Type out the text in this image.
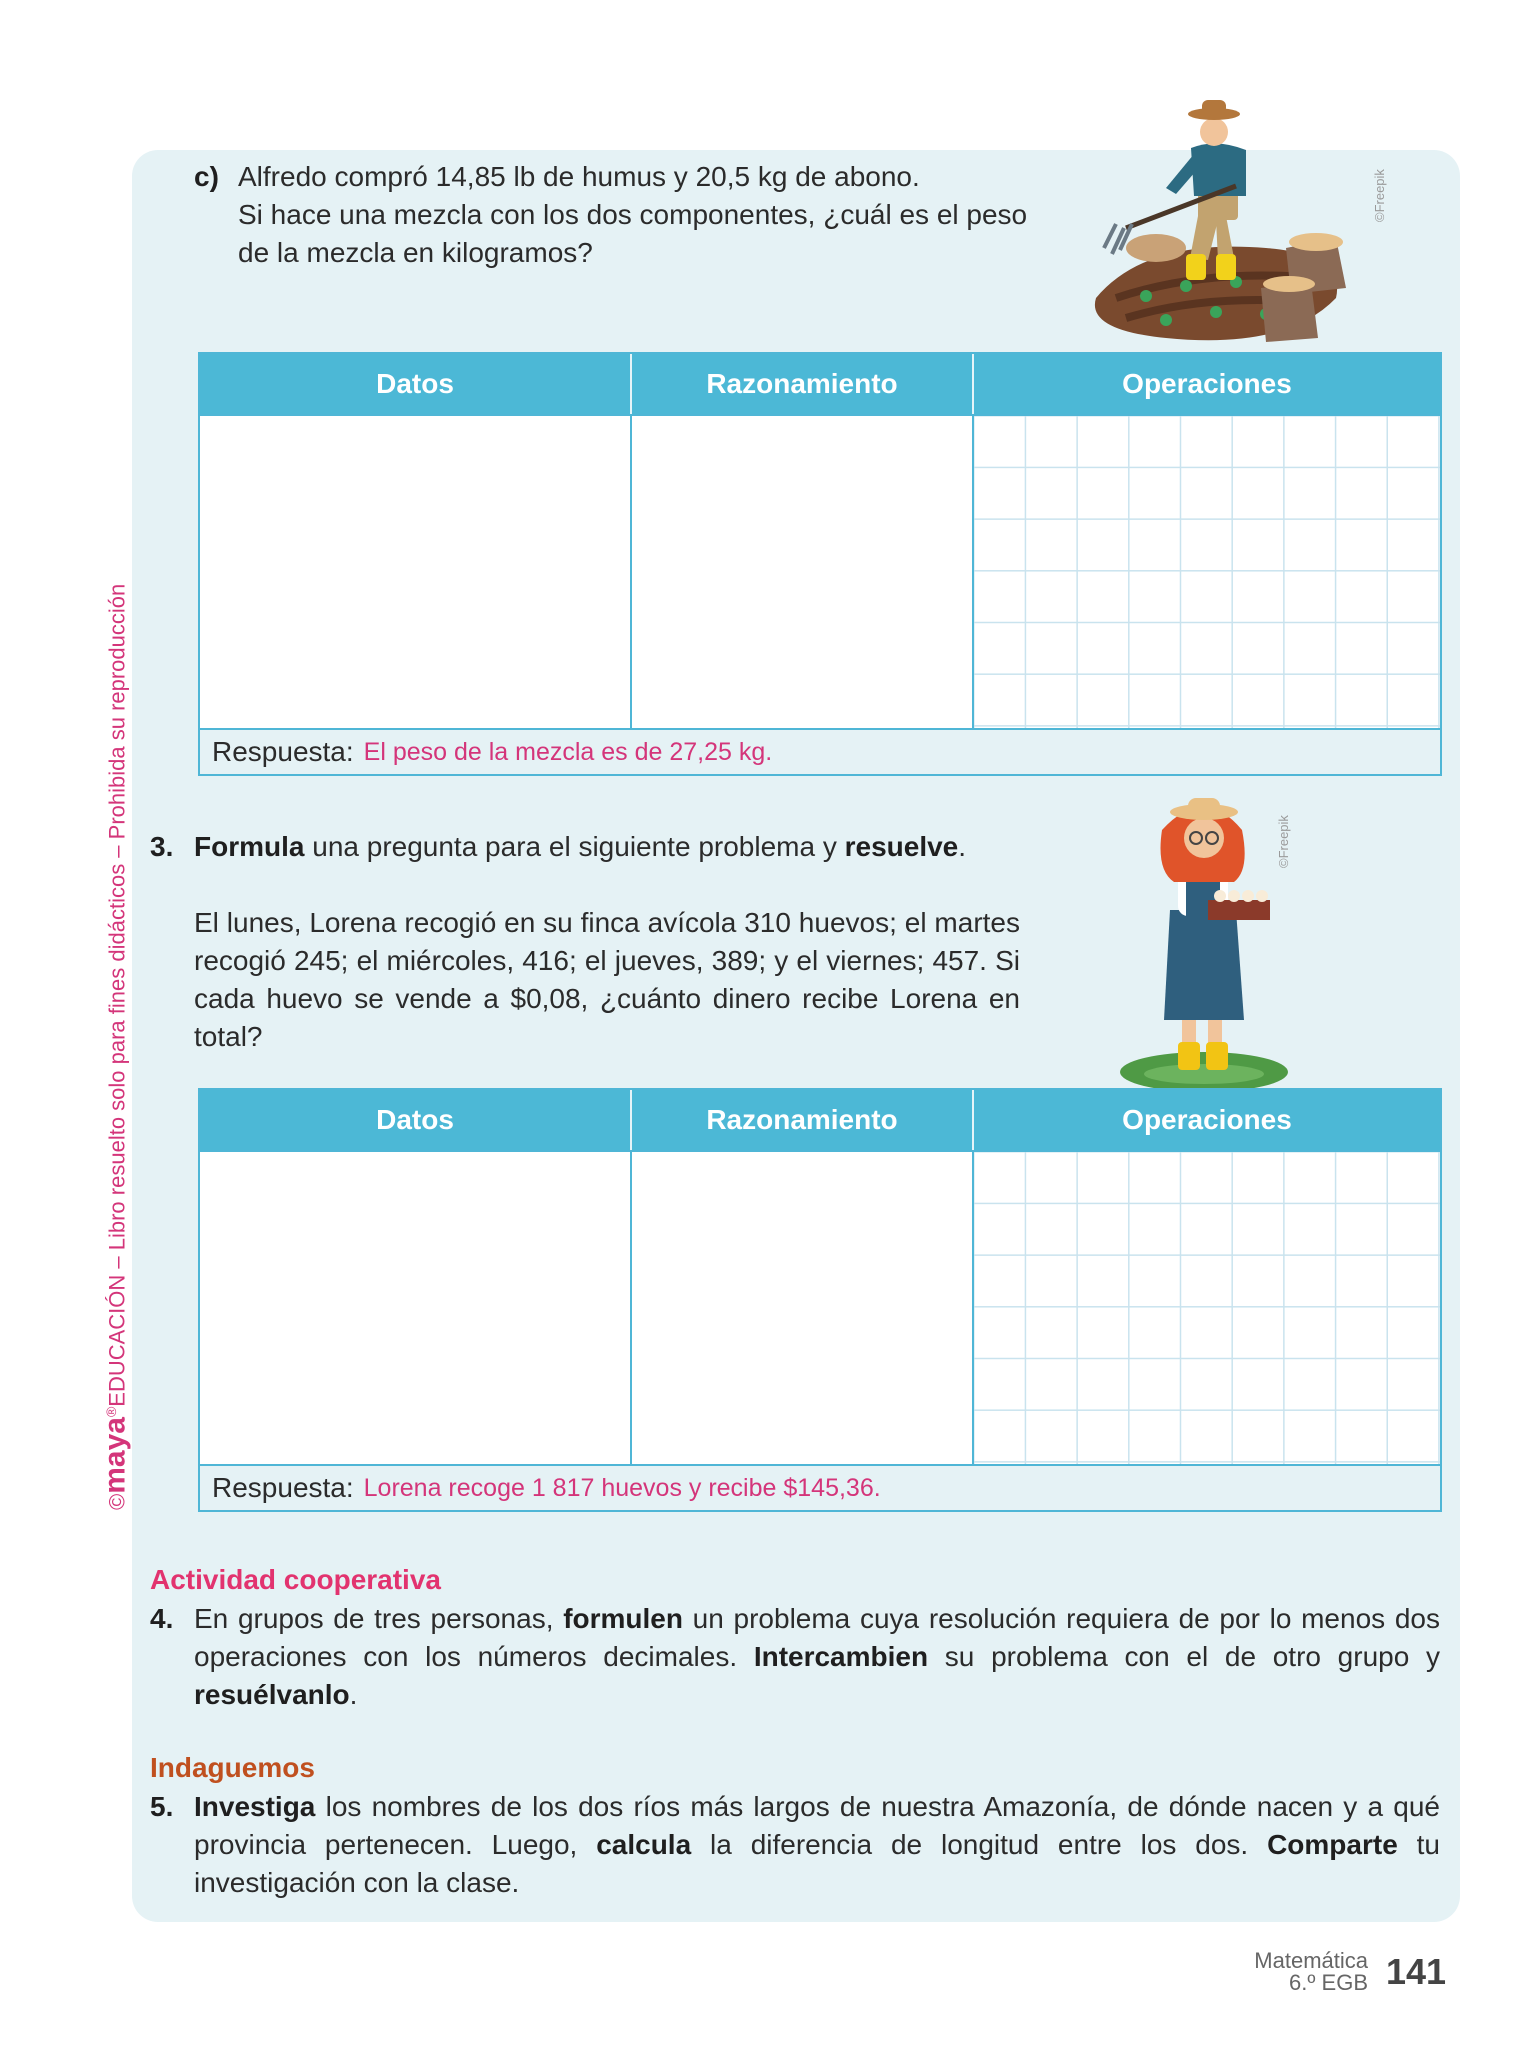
©maya®EDUCACIÓN – Libro resuelto solo para fines didácticos – Prohibida su reproducción
c) Alfredo compró 14,85 lb de humus y 20,5 kg de abono.
Si hace una mezcla con los dos componentes, ¿cuál es el peso
de la mezcla en kilogramos?
©Freepik
Datos	Razonamiento	Operaciones
Respuesta: El peso de la mezcla es de 27,25 kg.
3. Formula una pregunta para el siguiente problema y resuelve.
El lunes, Lorena recogió en su finca avícola 310 huevos; el martes recogió 245; el miércoles, 416; el jueves, 389; y el viernes; 457. Si cada huevo se vende a $0,08, ¿cuánto dinero recibe Lorena en total?
©Freepik
Datos	Razonamiento	Operaciones
Respuesta: Lorena recoge 1 817 huevos y recibe $145,36.
Actividad cooperativa
4. En grupos de tres personas, formulen un problema cuya resolución requiera de por lo menos dos operaciones con los números decimales. Intercambien su problema con el de otro grupo y resuélvanlo.
Indaguemos
5. Investiga los nombres de los dos ríos más largos de nuestra Amazonía, de dónde nacen y a qué provincia pertenecen. Luego, calcula la diferencia de longitud entre los dos. Comparte tu investigación con la clase.
Matemática
6.º EGB 141
